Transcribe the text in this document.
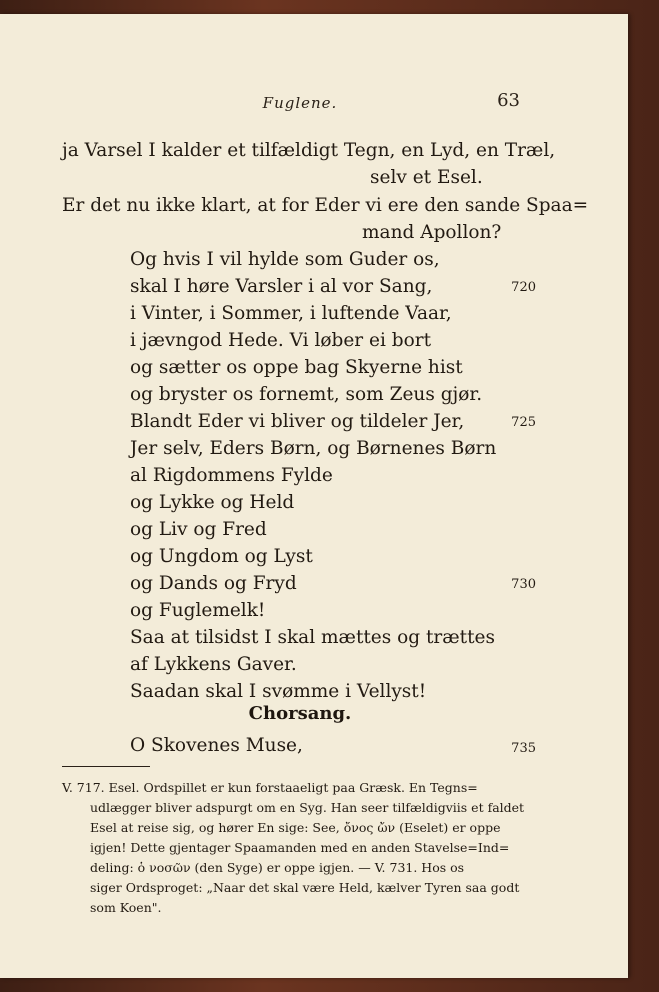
Fuglene.	63
ja Varsel I kalder et tilfældigt Tegn, en Lyd, en Træl,
selv et Esel.
Er det nu ikke klart, at for Eder vi ere den sande Spaa=
mand Apollon?
Og hvis I vil hylde som Guder os,
skal I høre Varsler i al vor Sang,	720
i Vinter, i Sommer, i luftende Vaar,
i jævngod Hede. Vi løber ei bort
og sætter os oppe bag Skyerne hist
og bryster os fornemt, som Zeus gjør.
Blandt Eder vi bliver og tildeler Jer,	725
Jer selv, Eders Børn, og Børnenes Børn
al Rigdommens Fylde
og Lykke og Held
og Liv og Fred
og Ungdom og Lyst
og Dands og Fryd	730
og Fuglemelk!
Saa at tilsidst I skal mættes og trættes
af Lykkens Gaver.
Saadan skal I svømme i Vellyst!
Chorsang.
O Skovenes Muse,	735
V. 717. Esel. Ordspillet er kun forstaaeligt paa Græsk. En Tegns=
udlægger bliver adspurgt om en Syg. Han seer tilfældigviis et faldet
Esel at reise sig, og hører En sige: See, ὄνος ὤν (Eselet) er oppe
igjen! Dette gjentager Spaamanden med en anden Stavelse=Ind=
deling: ὁ νοσῶν (den Syge) er oppe igjen. — V. 731. Hos os
siger Ordsproget: „Naar det skal være Held, kælver Tyren saa godt
som Koen".
